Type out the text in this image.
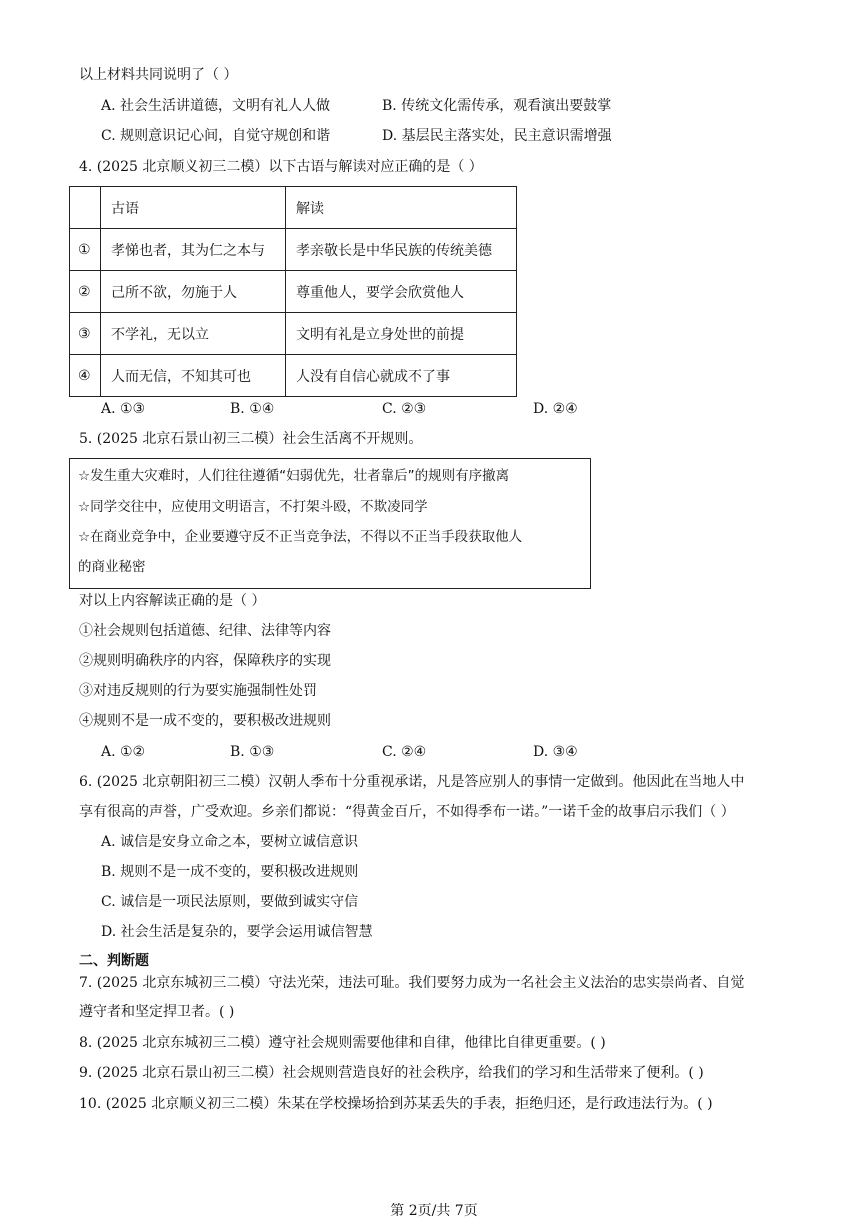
以上材料共同说明了（ ）
A. 社会生活讲道德，文明有礼人人做	B. 传统文化需传承，观看演出要鼓掌
C. 规则意识记心间，自觉守规创和谐	D. 基层民主落实处，民主意识需增强
4. (2025 北京顺义初三二模）以下古语与解读对应正确的是（ ）
	古语	解读
①	孝悌也者，其为仁之本与	孝亲敬长是中华民族的传统美德
②	己所不欲，勿施于人	尊重他人，要学会欣赏他人
③	不学礼，无以立	文明有礼是立身处世的前提
④	人而无信，不知其可也	人没有自信心就成不了事
A. ①③	B. ①④	C. ②③	D. ②④
5. (2025 北京石景山初三二模）社会生活离不开规则。
☆发生重大灾难时，人们往往遵循“妇弱优先，壮者靠后”的规则有序撤离
☆同学交往中，应使用文明语言，不打架斗殴，不欺凌同学
☆在商业竞争中，企业要遵守反不正当竞争法，不得以不正当手段获取他人
的商业秘密
对以上内容解读正确的是（ ）
①社会规则包括道德、纪律、法律等内容
②规则明确秩序的内容，保障秩序的实现
③对违反规则的行为要实施强制性处罚
④规则不是一成不变的，要积极改进规则
A. ①②	B. ①③	C. ②④	D. ③④
6. (2025 北京朝阳初三二模）汉朝人季布十分重视承诺，凡是答应别人的事情一定做到。他因此在当地人中
享有很高的声誉，广受欢迎。乡亲们都说：“得黄金百斤，不如得季布一诺。”一诺千金的故事启示我们（ ）
A. 诚信是安身立命之本，要树立诚信意识
B. 规则不是一成不变的，要积极改进规则
C. 诚信是一项民法原则，要做到诚实守信
D. 社会生活是复杂的，要学会运用诚信智慧
二、判断题
7. (2025 北京东城初三二模）守法光荣，违法可耻。我们要努力成为一名社会主义法治的忠实崇尚者、自觉
遵守者和坚定捍卫者。( )
8. (2025 北京东城初三二模）遵守社会规则需要他律和自律，他律比自律更重要。( )
9. (2025 北京石景山初三二模）社会规则营造良好的社会秩序，给我们的学习和生活带来了便利。( )
10. (2025 北京顺义初三二模）朱某在学校操场拾到苏某丢失的手表，拒绝归还，是行政违法行为。( )
第 2页/共 7页
